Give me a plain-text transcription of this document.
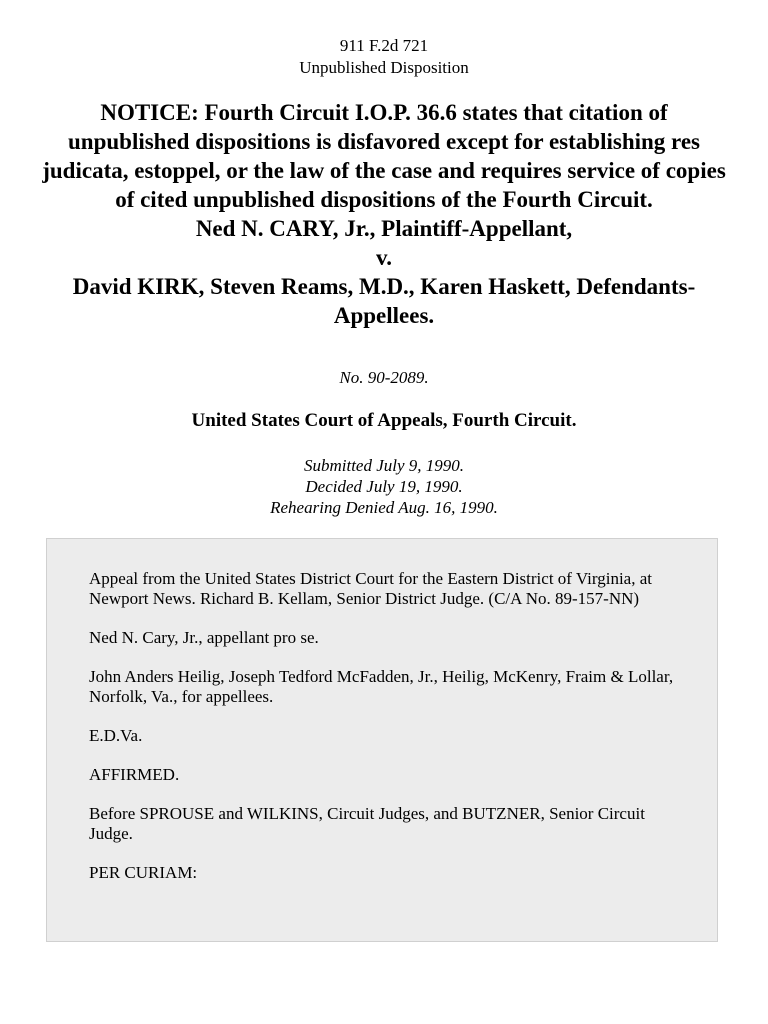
911 F.2d 721
Unpublished Disposition

NOTICE: Fourth Circuit I.O.P. 36.6 states that citation of unpublished dispositions is disfavored except for establishing res judicata, estoppel, or the law of the case and requires service of copies of cited unpublished dispositions of the Fourth Circuit.

Ned N. CARY, Jr., Plaintiff-Appellant,

v.

David KIRK, Steven Reams, M.D., Karen Haskett, Defendants-Appellees.

No. 90-2089.
United States Court of Appeals, Fourth Circuit.
Submitted July 9, 1990.
Decided July 19, 1990.
Rehearing Denied Aug. 16, 1990.

Appeal from the United States District Court for the Eastern District of Virginia, at Newport News. Richard B. Kellam, Senior District Judge. (C/A No. 89-157-NN)

Ned N. Cary, Jr., appellant pro se.

John Anders Heilig, Joseph Tedford McFadden, Jr., Heilig, McKenry, Fraim & Lollar, Norfolk, Va., for appellees.

E.D.Va.

AFFIRMED.

Before SPROUSE and WILKINS, Circuit Judges, and BUTZNER, Senior Circuit Judge.

PER CURIAM:
